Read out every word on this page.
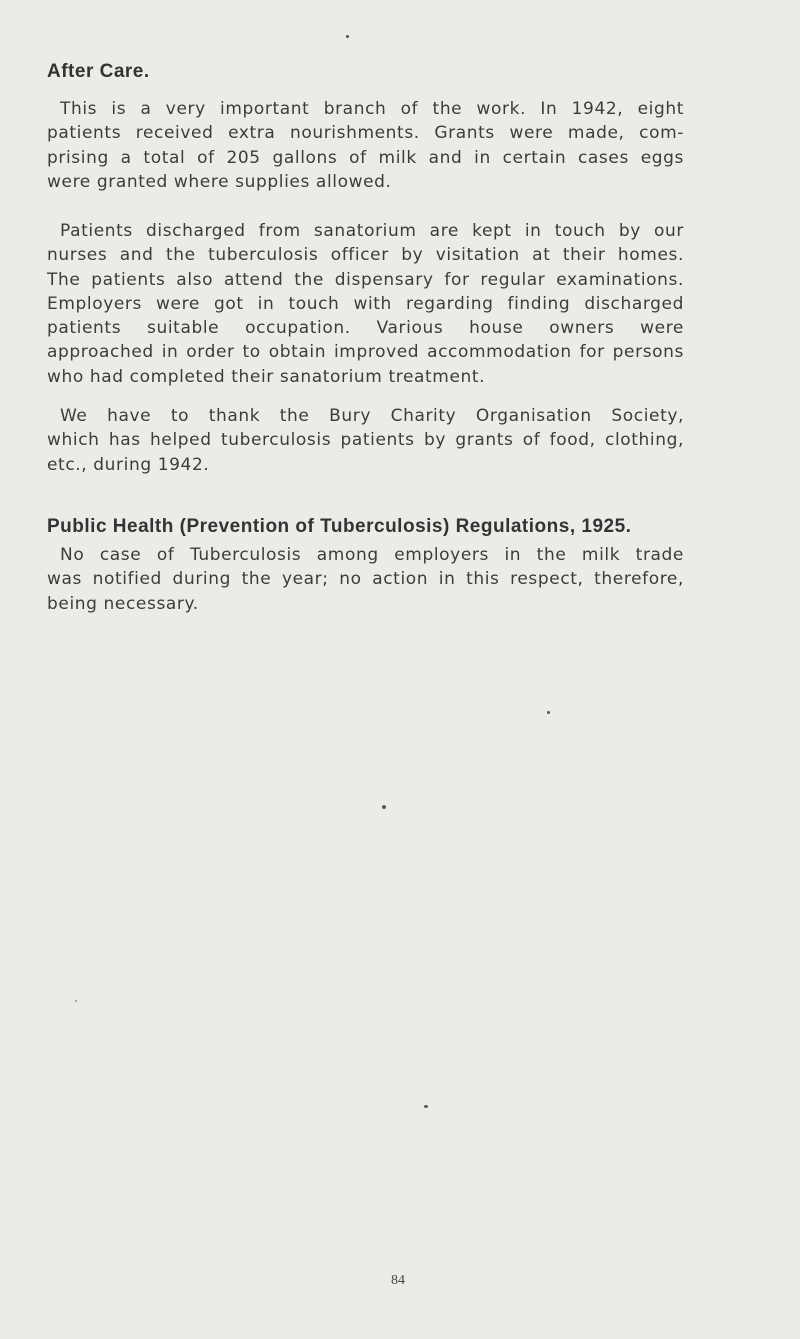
After Care.
This is a very important branch of the work. In 1942, eight
patients received extra nourishments. Grants were made, com-
prising a total of 205 gallons of milk and in certain cases eggs
were granted where supplies allowed.
Patients discharged from sanatorium are kept in touch by our
nurses and the tuberculosis officer by visitation at their homes.
The patients also attend the dispensary for regular examinations.
Employers were got in touch with regarding finding discharged
patients suitable occupation. Various house owners were
approached in order to obtain improved accommodation for persons
who had completed their sanatorium treatment.
We have to thank the Bury Charity Organisation Society,
which has helped tuberculosis patients by grants of food, clothing,
etc., during 1942.
Public Health (Prevention of Tuberculosis) Regulations, 1925.
No case of Tuberculosis among employers in the milk trade
was notified during the year; no action in this respect, therefore,
being necessary.
84
